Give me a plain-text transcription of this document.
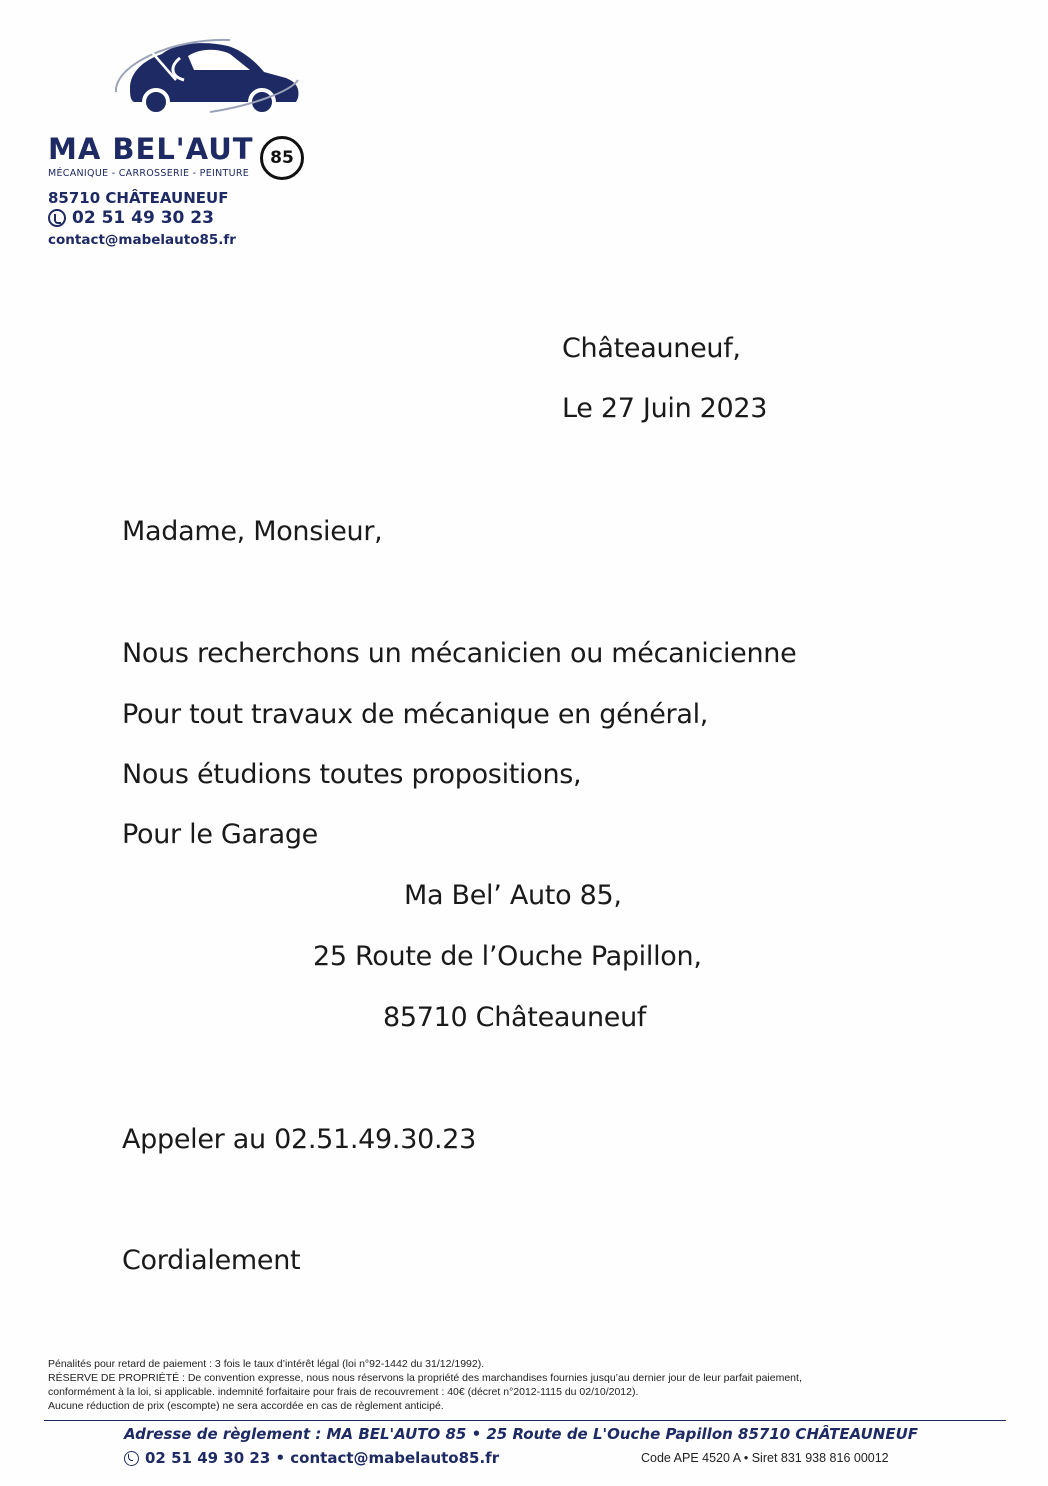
MA BEL'AUT 85
MÉCANIQUE - CARROSSERIE - PEINTURE
85710 CHÂTEAUNEUF
02 51 49 30 23
contact@mabelauto85.fr
Châteauneuf,
Le 27 Juin 2023
Madame, Monsieur,
Nous recherchons un mécanicien ou mécanicienne
Pour tout travaux de mécanique en général,
Nous étudions toutes propositions,
Pour le Garage
Ma Bel’ Auto 85,
25 Route de l’Ouche Papillon,
85710 Châteauneuf
Appeler au 02.51.49.30.23
Cordialement
Pénalités pour retard de paiement : 3 fois le taux d’intérêt légal (loi n°92-1442 du 31/12/1992).
RÉSERVE DE PROPRIÉTÉ : De convention expresse, nous nous réservons la propriété des marchandises fournies jusqu’au dernier jour de leur parfait paiement,
conformément à la loi, si applicable. indemnité forfaitaire pour frais de recouvrement : 40€ (décret n°2012-1115 du 02/10/2012).
Aucune réduction de prix (escompte) ne sera accordée en cas de règlement anticipé.
Adresse de règlement : MA BEL'AUTO 85 • 25 Route de L'Ouche Papillon 85710 CHÂTEAUNEUF
02 51 49 30 23 • contact@mabelauto85.fr	Code APE 4520 A • Siret 831 938 816 00012
